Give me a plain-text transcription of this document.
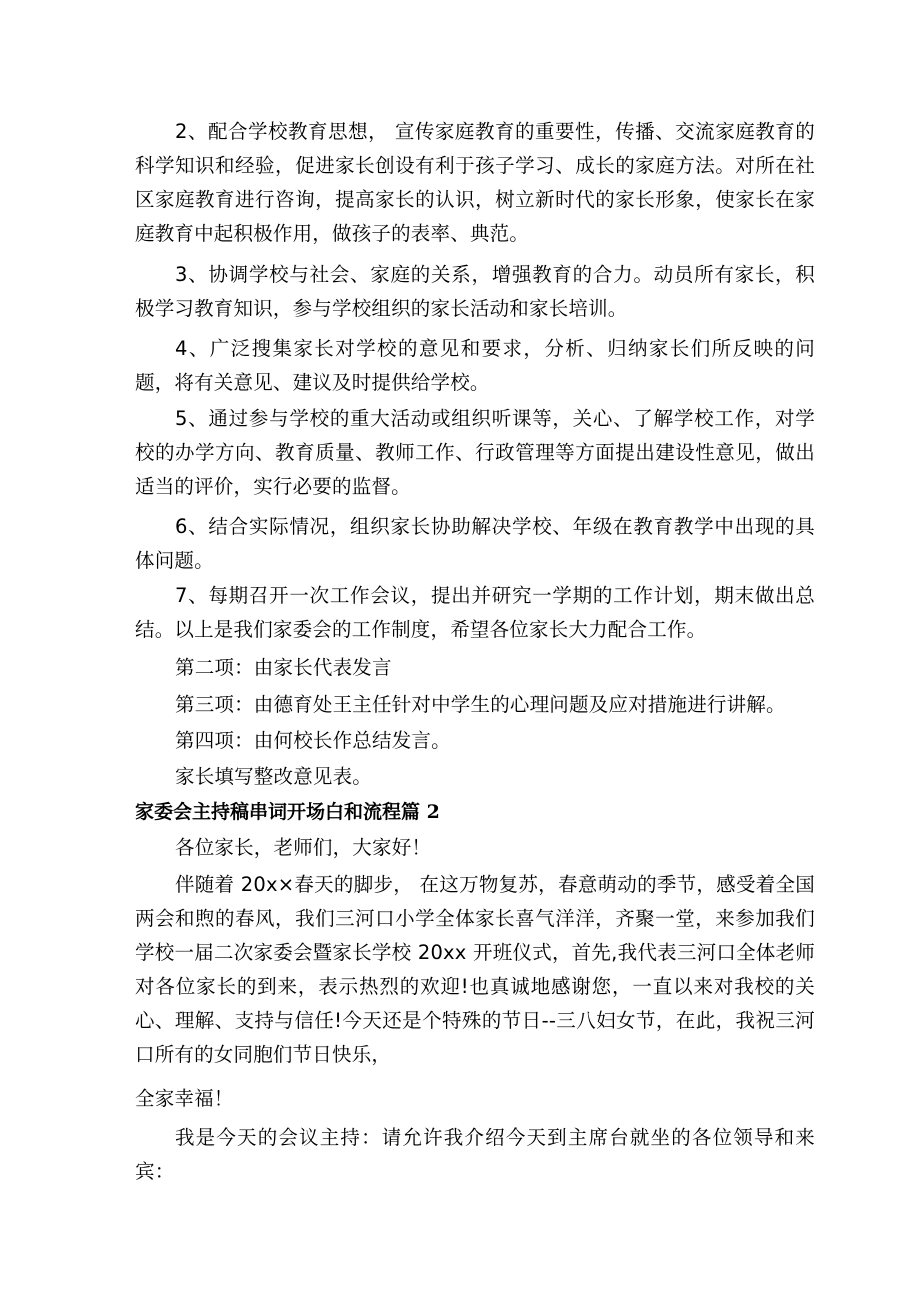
2、配合学校教育思想， 宣传家庭教育的重要性，传播、交流家庭教育的科学知识和经验，促进家长创设有利于孩子学习、成长的家庭方法。对所在社区家庭教育进行咨询，提高家长的认识，树立新时代的家长形象，使家长在家庭教育中起积极作用，做孩子的表率、典范。

3、协调学校与社会、家庭的关系，增强教育的合力。动员所有家长，积极学习教育知识，参与学校组织的家长活动和家长培训。

4、广泛搜集家长对学校的意见和要求，分析、归纳家长们所反映的问题，将有关意见、建议及时提供给学校。

5、通过参与学校的重大活动或组织听课等，关心、了解学校工作，对学校的办学方向、教育质量、教师工作、行政管理等方面提出建设性意见，做出适当的评价，实行必要的监督。

6、结合实际情况，组织家长协助解决学校、年级在教育教学中出现的具体问题。

7、每期召开一次工作会议，提出并研究一学期的工作计划，期末做出总结。以上是我们家委会的工作制度，希望各位家长大力配合工作。

第二项：由家长代表发言

第三项：由德育处王主任针对中学生的心理问题及应对措施进行讲解。

第四项：由何校长作总结发言。

家长填写整改意见表。

家委会主持稿串词开场白和流程篇 2

各位家长，老师们，大家好！

伴随着 20x×春天的脚步， 在这万物复苏，春意萌动的季节，感受着全国两会和煦的春风，我们三河口小学全体家长喜气洋洋，齐聚一堂，来参加我们学校一届二次家委会暨家长学校 20xx 开班仪式，首先,我代表三河口全体老师对各位家长的到来，表示热烈的欢迎!也真诚地感谢您，一直以来对我校的关心、理解、支持与信任!今天还是个特殊的节日--三八妇女节，在此，我祝三河口所有的女同胞们节日快乐，

全家幸福！

我是今天的会议主持：请允许我介绍今天到主席台就坐的各位领导和来宾：
